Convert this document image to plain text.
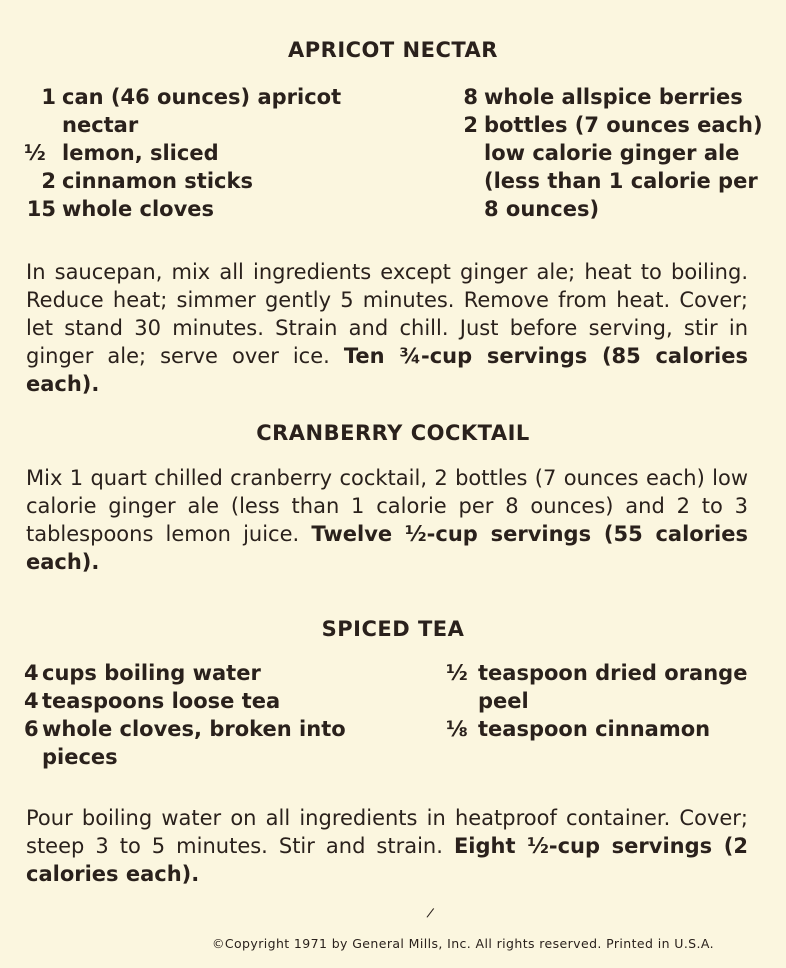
APRICOT NECTAR
1 can (46 ounces) apricot
nectar
½ lemon, sliced
2 cinnamon sticks
15 whole cloves
8 whole allspice berries
2 bottles (7 ounces each)
low calorie ginger ale
(less than 1 calorie per
8 ounces)
In saucepan, mix all ingredients except ginger ale; heat to boiling. Reduce heat; simmer gently 5 minutes. Remove from heat. Cover; let stand 30 minutes. Strain and chill. Just before serving, stir in ginger ale; serve over ice. Ten ¾-cup servings (85 calories each).
CRANBERRY COCKTAIL
Mix 1 quart chilled cranberry cocktail, 2 bottles (7 ounces each) low calorie ginger ale (less than 1 calorie per 8 ounces) and 2 to 3 tablespoons lemon juice. Twelve ½-cup servings (55 calories each).
SPICED TEA
4 cups boiling water
4 teaspoons loose tea
6 whole cloves, broken into
pieces
½ teaspoon dried orange
peel
⅛ teaspoon cinnamon
Pour boiling water on all ingredients in heatproof container. Cover; steep 3 to 5 minutes. Stir and strain. Eight ½-cup servings (2 calories each).
/
©Copyright 1971 by General Mills, Inc. All rights reserved. Printed in U.S.A.
